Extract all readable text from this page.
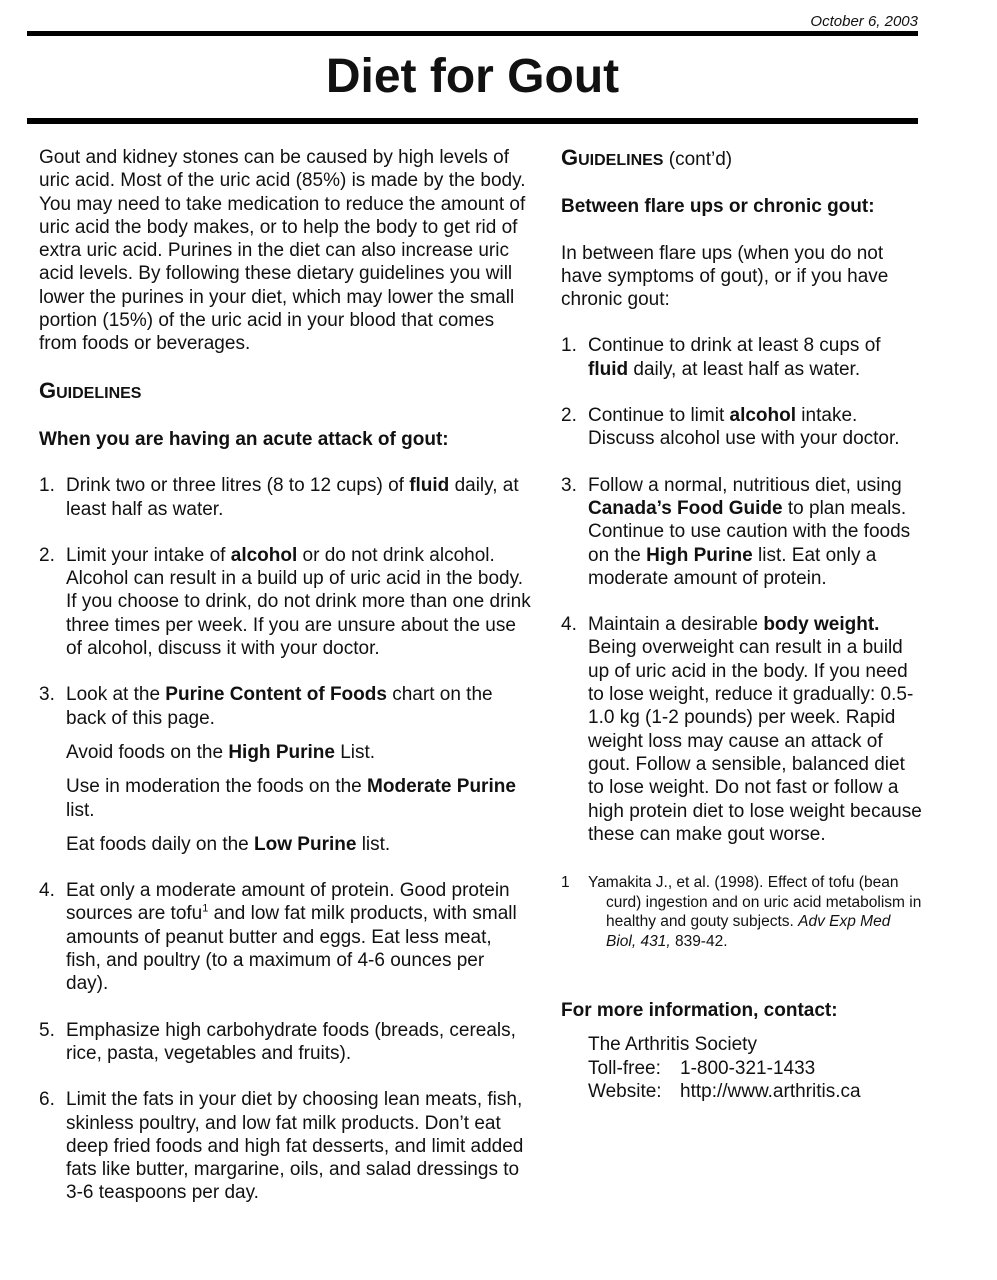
October 6, 2003
Diet for Gout

Gout and kidney stones can be caused by high levels of uric acid. Most of the uric acid (85%) is made by the body. You may need to take medication to reduce the amount of uric acid the body makes, or to help the body to get rid of extra uric acid. Purines in the diet can also increase uric acid levels. By following these dietary guidelines you will lower the purines in your diet, which may lower the small portion (15%) of the uric acid in your blood that comes from foods or beverages.

GUIDELINES
When you are having an acute attack of gout:
1. Drink two or three litres (8 to 12 cups) of fluid daily, at least half as water.
2. Limit your intake of alcohol or do not drink alcohol. Alcohol can result in a build up of uric acid in the body. If you choose to drink, do not drink more than one drink three times per week. If you are unsure about the use of alcohol, discuss it with your doctor.
3. Look at the Purine Content of Foods chart on the back of this page.

Avoid foods on the High Purine List.

Use in moderation the foods on the Moderate Purine list.

Eat foods daily on the Low Purine list.

4. Eat only a moderate amount of protein. Good protein sources are tofu$^1$ and low fat milk products, with small amounts of peanut butter and eggs. Eat less meat, fish, and poultry (to a maximum of 4-6 ounces per day).
5. Emphasize high carbohydrate foods (breads, cereals, rice, pasta, vegetables and fruits).
6. Limit the fats in your diet by choosing lean meats, fish, skinless poultry, and low fat milk products. Don’t eat deep fried foods and high fat desserts, and limit added fats like butter, margarine, oils, and salad dressings to 3-6 teaspoons per day.
GUIDELINES (cont’d)
Between flare ups or chronic gout:

In between flare ups (when you do not have symptoms of gout), or if you have chronic gout:

1. Continue to drink at least 8 cups of fluid daily, at least half as water.
2. Continue to limit alcohol intake. Discuss alcohol use with your doctor.
3. Follow a normal, nutritious diet, using Canada’s Food Guide to plan meals. Continue to use caution with the foods on the High Purine list. Eat only a moderate amount of protein.
4. Maintain a desirable body weight. Being overweight can result in a build up of uric acid in the body. If you need to lose weight, reduce it gradually: 0.5-1.0 kg (1-2 pounds) per week. Rapid weight loss may cause an attack of gout. Follow a sensible, balanced diet to lose weight. Do not fast or follow a high protein diet to lose weight because these can make gout worse.
1 Yamakita J., et al. (1998). Effect of tofu (bean curd) ingestion and on uric acid metabolism in healthy and gouty subjects. Adv Exp Med Biol, 431, 839-42.
For more information, contact:
The Arthritis Society
Toll-free: 1-800-321-1433
Website: http://www.arthritis.ca
